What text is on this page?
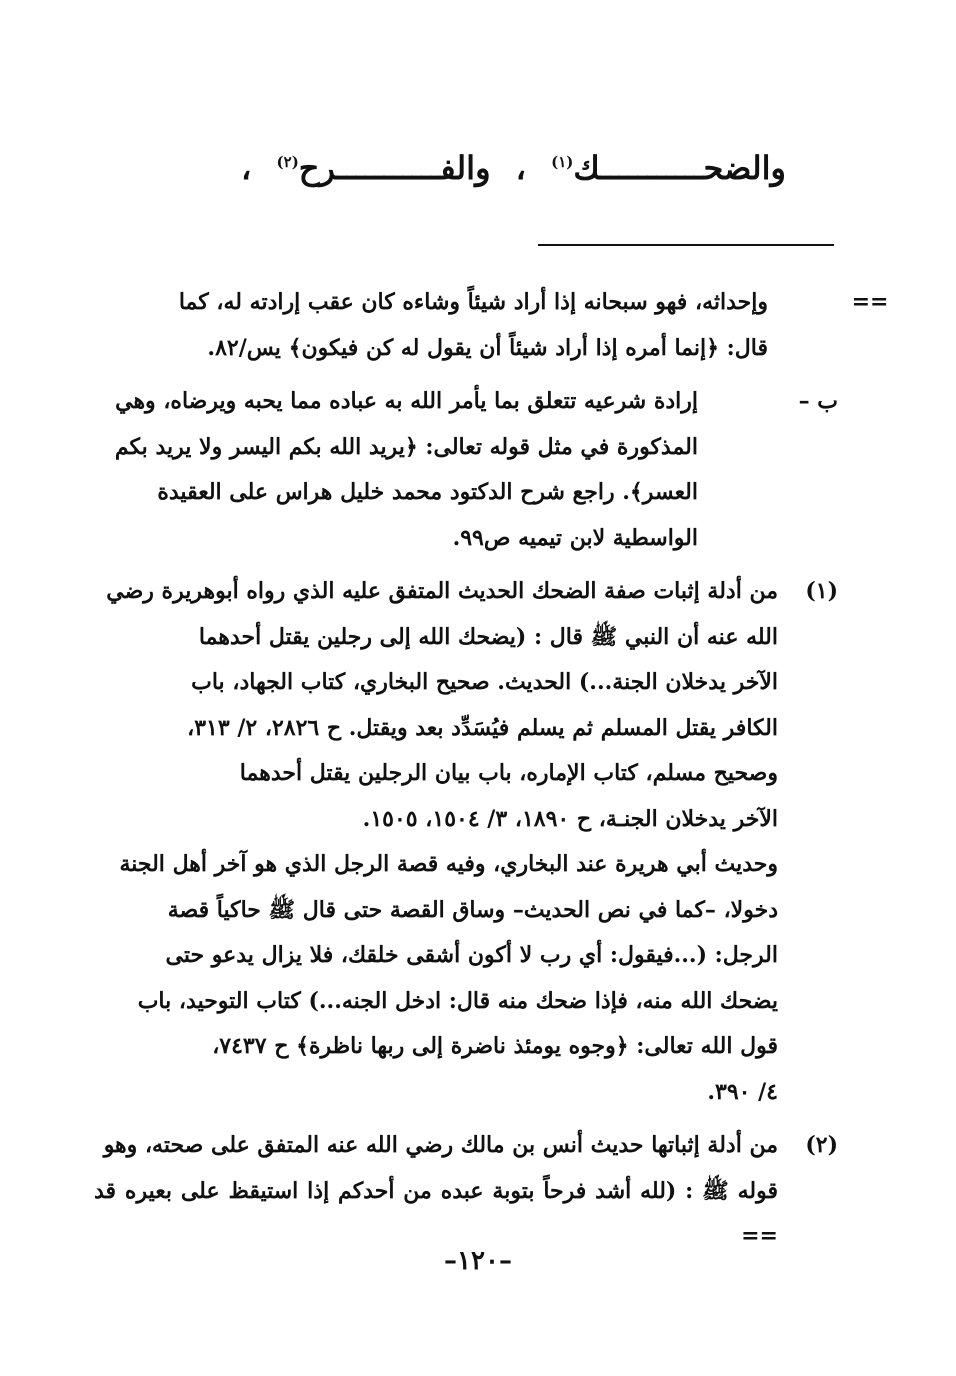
والضحـــــــــــك$^{(١)}$ ، والفـــــــــــرح$^{(٢)}$ ،
==

وإحداثه، فهو سبحانه إذا أراد شيئاً وشاءه كان عقب إرادته له، كما

قال: ﴿إنما أمره إذا أراد شيئاً أن يقول له كن فيكون﴾ يس/٨٢.

ب –

إرادة شرعيه تتعلق بما يأمر الله به عباده مما يحبه ويرضاه، وهي

المذكورة في مثل قوله تعالى: ﴿يريد الله بكم اليسر ولا يريد بكم

العسر﴾. راجع شرح الدكتود محمد خليل هراس على العقيدة

الواسطية لابن تيميه ص٩٩.

(١)

من أدلة إثبات صفة الضحك الحديث المتفق عليه الذي رواه أبوهريرة رضي

الله عنه أن النبي ﷺ قال : (يضحك الله إلى رجلين يقتل أحدهما

الآخر يدخلان الجنة...) الحديث. صحيح البخاري، كتاب الجهاد، باب

الكافر يقتل المسلم ثم يسلم فيُسَدِّد بعد ويقتل. ح ٢٨٢٦، ٢/ ٣١٣،

وصحيح مسلم، كتاب الإماره، باب بيان الرجلين يقتل أحدهما

الآخر يدخلان الجنـة، ح ١٨٩٠، ٣/ ١٥٠٤، ١٥٠٥.

وحديث أبي هريرة عند البخاري، وفيه قصة الرجل الذي هو آخر أهل الجنة

دخولا، –كما في نص الحديث– وساق القصة حتى قال ﷺ حاكياً قصة

الرجل: (...فيقول: أي رب لا أكون أشقى خلقك، فلا يزال يدعو حتى

يضحك الله منه، فإذا ضحك منه قال: ادخل الجنه...) كتاب التوحيد، باب

قول الله تعالى: ﴿وجوه يومئذ ناضرة إلى ربها ناظرة﴾ ح ٧٤٣٧،

٤/ ٣٩٠.

(٢)

من أدلة إثباتها حديث أنس بن مالك رضي الله عنه المتفق على صحته، وهو

قوله ﷺ : (لله أشد فرحاً بتوبة عبده من أحدكم إذا استيقظ على بعيره قد ==

–١٢٠–
